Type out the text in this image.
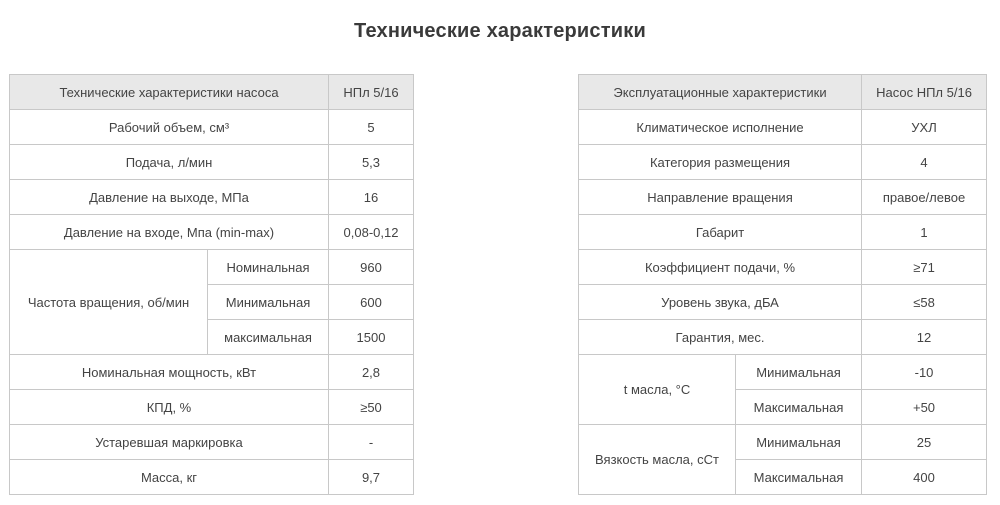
Технические характеристики
Технические характеристики насоса		НПл 5/16
Рабочий объем, см³		5
Подача, л/мин		5,3
Давление на выходе, МПа		16
Давление на входе, Мпа (min-max)		0,08-0,12
Частота вращения, об/мин	Номинальная	960
	Минимальная	600
	максимальная	1500
Номинальная мощность, кВт		2,8
КПД, %		≥50
Устаревшая маркировка		-
Масса, кг		9,7
Эксплуатационные характеристики		Насос НПл 5/16
Климатическое исполнение		УХЛ
Категория размещения		4
Направление вращения		правое/левое
Габарит		1
Коэффициент подачи, %		≥71
Уровень звука, дБА		≤58
Гарантия, мес.		12
t масла, °С	Минимальная	-10
	Максимальная	+50
Вязкость масла, сСт	Минимальная	25
	Максимальная	400
